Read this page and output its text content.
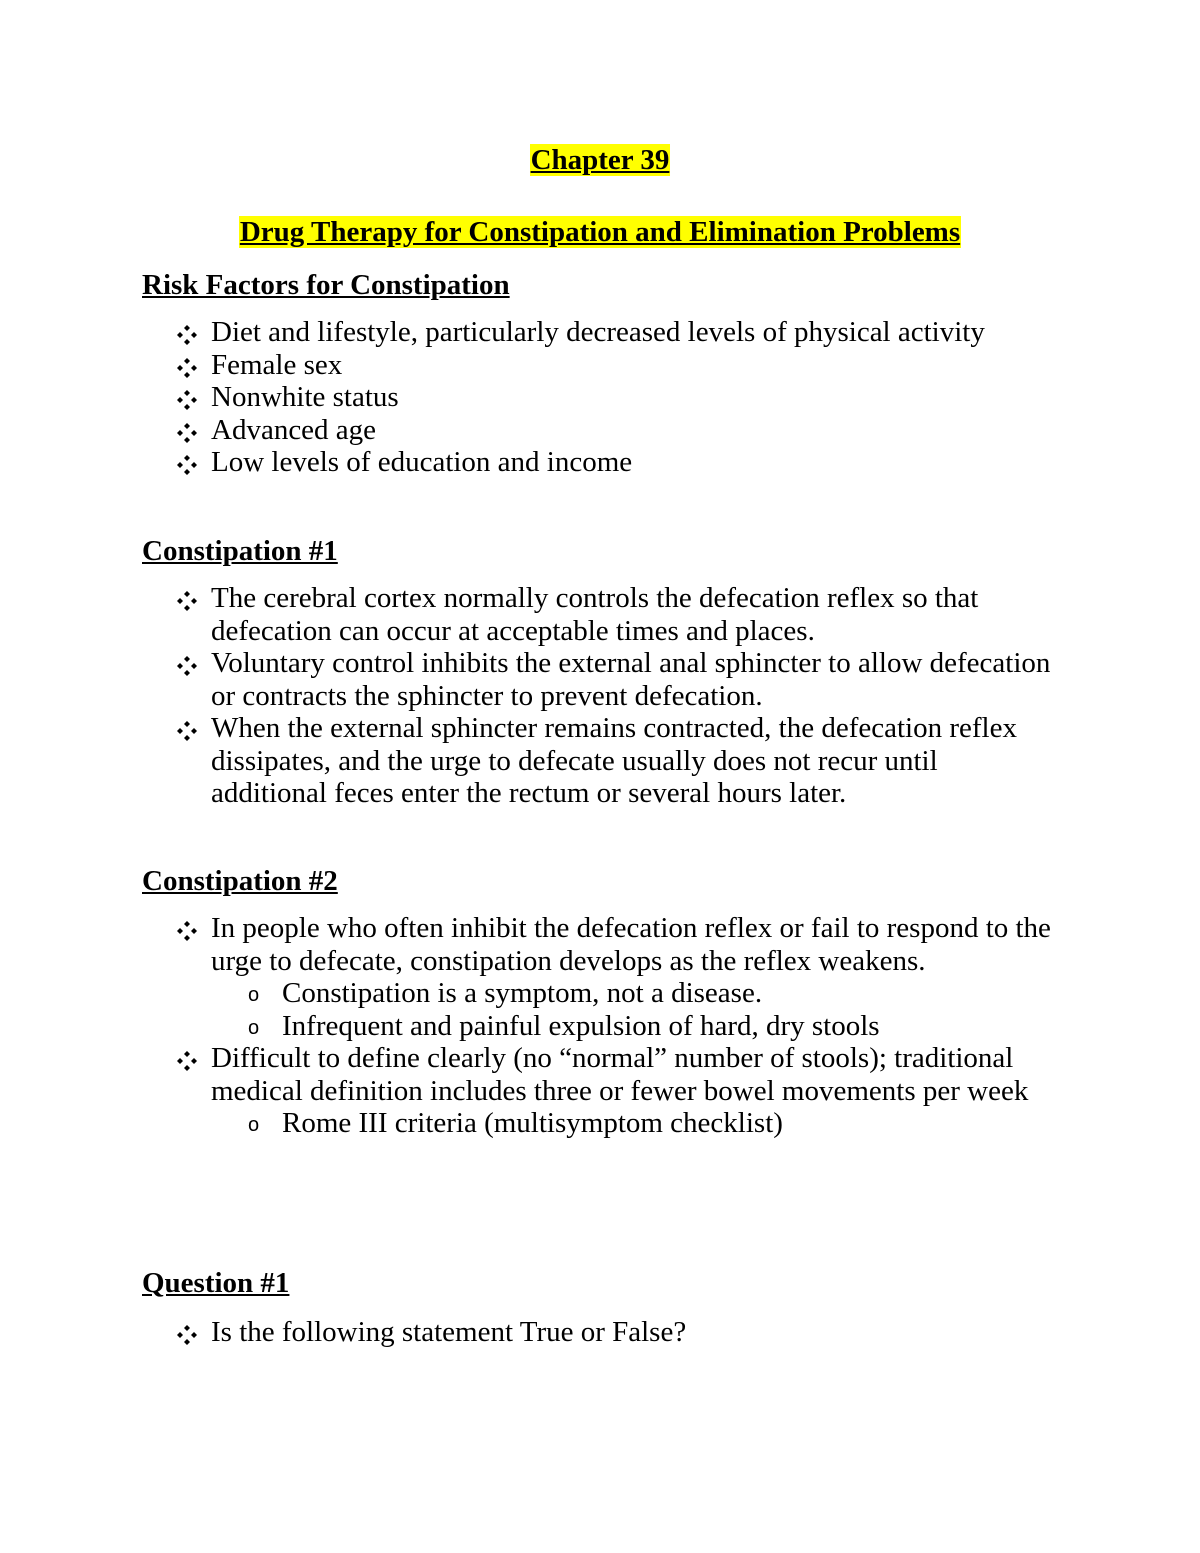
Chapter 39
Drug Therapy for Constipation and Elimination Problems
Risk Factors for Constipation
Diet and lifestyle, particularly decreased levels of physical activity
Female sex
Nonwhite status
Advanced age
Low levels of education and income
Constipation #1
The cerebral cortex normally controls the defecation reflex so that defecation can occur at acceptable times and places.
Voluntary control inhibits the external anal sphincter to allow defecation or contracts the sphincter to prevent defecation.
When the external sphincter remains contracted, the defecation reflex dissipates, and the urge to defecate usually does not recur until additional feces enter the rectum or several hours later.
Constipation #2
In people who often inhibit the defecation reflex or fail to respond to the urge to defecate, constipation develops as the reflex weakens.
o Constipation is a symptom, not a disease.
o Infrequent and painful expulsion of hard, dry stools
Difficult to define clearly (no “normal” number of stools); traditional medical definition includes three or fewer bowel movements per week
o Rome III criteria (multisymptom checklist)
Question #1
Is the following statement True or False?
